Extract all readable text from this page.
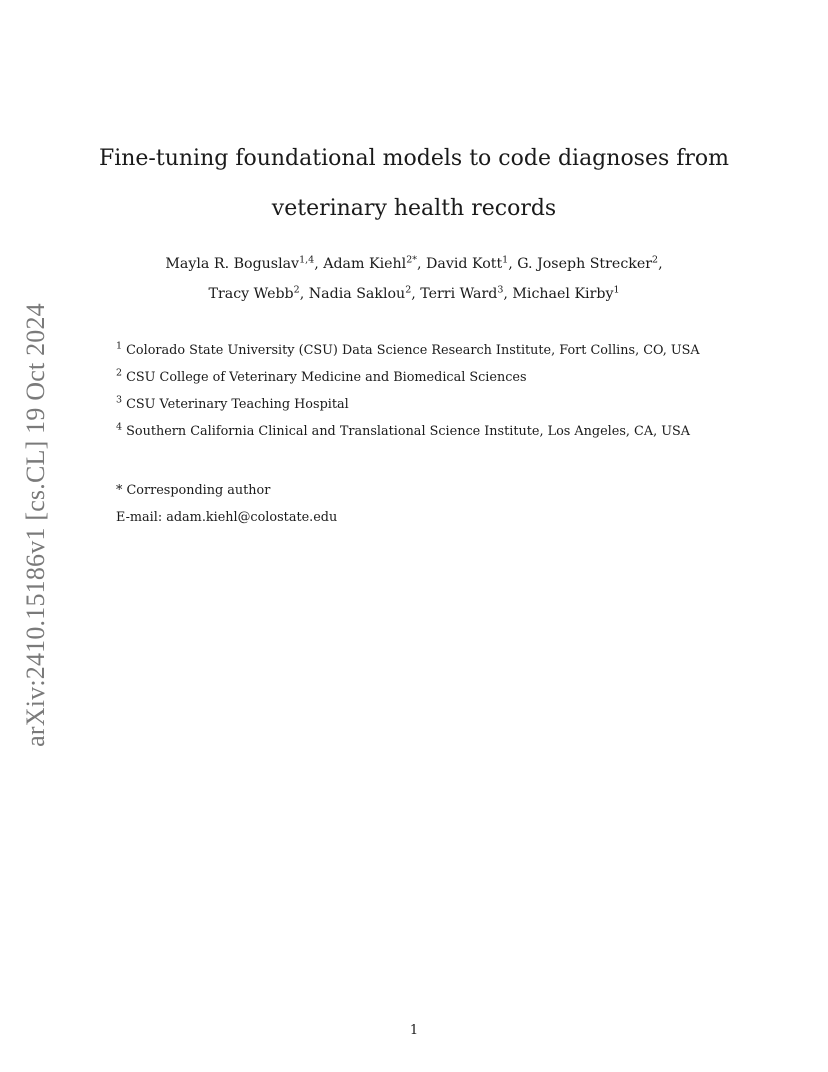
arXiv:2410.15186v1 [cs.CL] 19 Oct 2024
Fine-tuning foundational models to code diagnoses from
veterinary health records
Mayla R. Boguslav$^{1,4}$, Adam Kiehl$^{2*}$, David Kott$^1$, G. Joseph Strecker$^2$,
Tracy Webb$^2$, Nadia Saklou$^2$, Terri Ward$^3$, Michael Kirby$^1$
$^1$ Colorado State University (CSU) Data Science Research Institute, Fort Collins, CO, USA
$^2$ CSU College of Veterinary Medicine and Biomedical Sciences
$^3$ CSU Veterinary Teaching Hospital
$^4$ Southern California Clinical and Translational Science Institute, Los Angeles, CA, USA
* Corresponding author
E-mail: adam.kiehl@colostate.edu
1
